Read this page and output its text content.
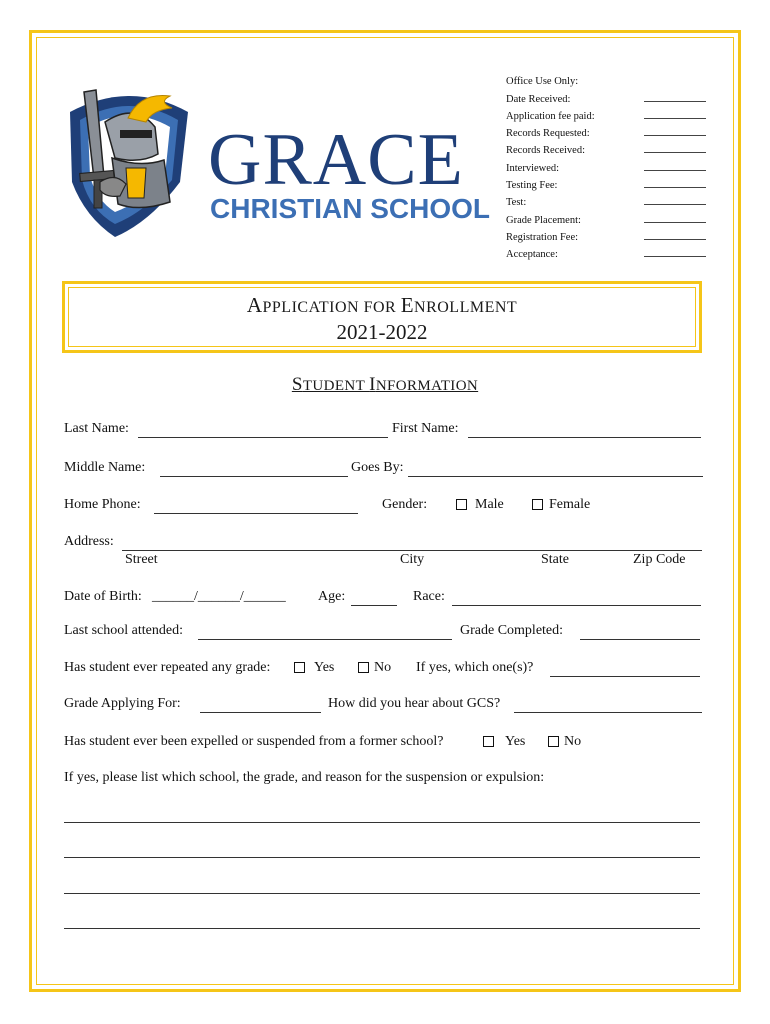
GRACE
CHRISTIAN SCHOOL
Office Use Only:
Date Received:
Application fee paid:
Records Requested:
Records Received:
Interviewed:
Testing Fee:
Test:
Grade Placement:
Registration Fee:
Acceptance:
APPLICATION FOR ENROLLMENT
2021-2022
STUDENT INFORMATION
Last Name:	First Name:
Middle Name:	Goes By:
Home Phone:	Gender:	Male	Female
Address:
Street	City	State	Zip Code
Date of Birth: ______/______/______ Age:	Race:
Last school attended:	Grade Completed:
Has student ever repeated any grade:	Yes	No If yes, which one(s)?
Grade Applying For:	How did you hear about GCS?
Has student ever been expelled or suspended from a former school?	Yes	No
If yes, please list which school, the grade, and reason for the suspension or expulsion:
